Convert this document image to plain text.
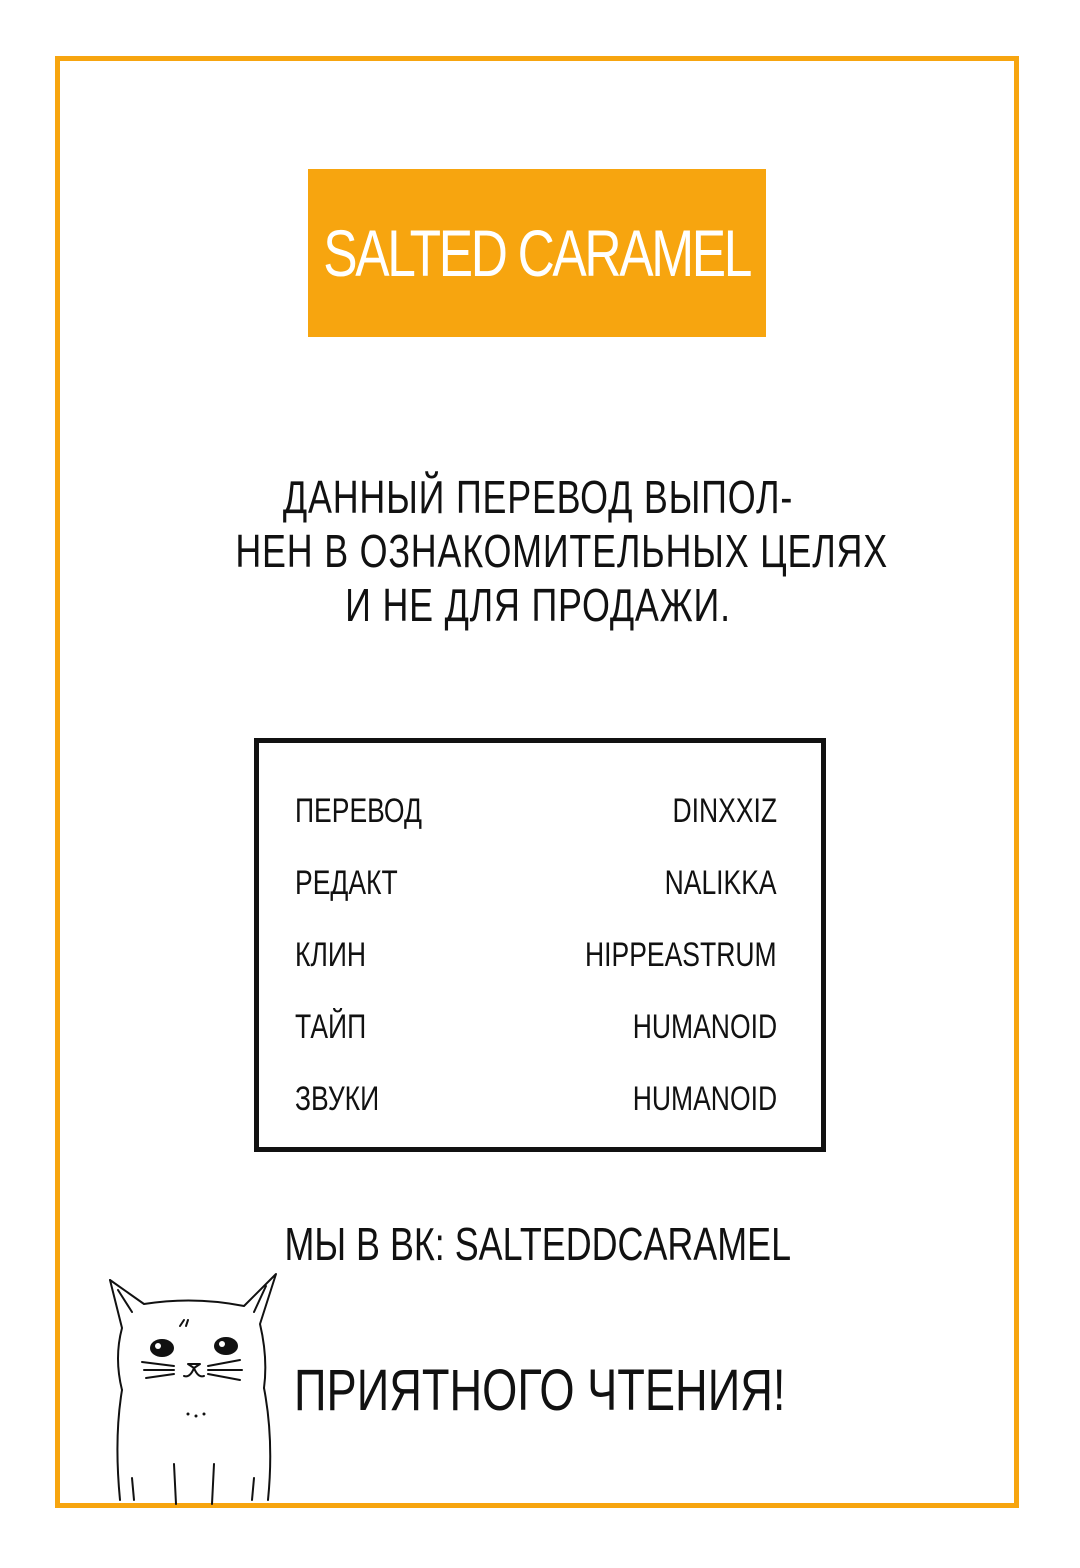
SALTED CARAMEL
ДАННЫЙ ПЕРЕВОД ВЫПОЛ-
НЕН В ОЗНАКОМИТЕЛЬНЫХ ЦЕЛЯХ
И НЕ ДЛЯ ПРОДАЖИ.
ПЕРЕВОД	DINXXIZ
РЕДАКТ	NALIKKA
КЛИН	HIPPEASTRUM
ТАЙП	HUMANOID
ЗВУКИ	HUMANOID
МЫ В ВК: SALTEDDCARAMEL
ПРИЯТНОГО ЧТЕНИЯ!
